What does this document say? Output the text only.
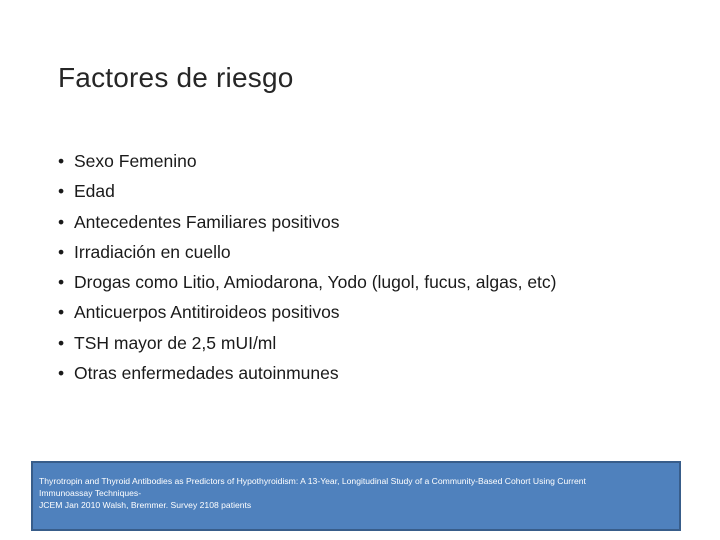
Factores de riesgo
• Sexo Femenino
• Edad
• Antecedentes Familiares positivos
• Irradiación en cuello
• Drogas como Litio, Amiodarona, Yodo (lugol, fucus, algas, etc)
• Anticuerpos Antitiroideos positivos
• TSH mayor de 2,5 mUI/ml
• Otras enfermedades autoinmunes
Thyrotropin and Thyroid Antibodies as Predictors of Hypothyroidism: A 13-Year, Longitudinal Study of a Community-Based Cohort Using Current
Immunoassay Techniques-
JCEM Jan 2010 Walsh, Bremmer. Survey 2108 patients
